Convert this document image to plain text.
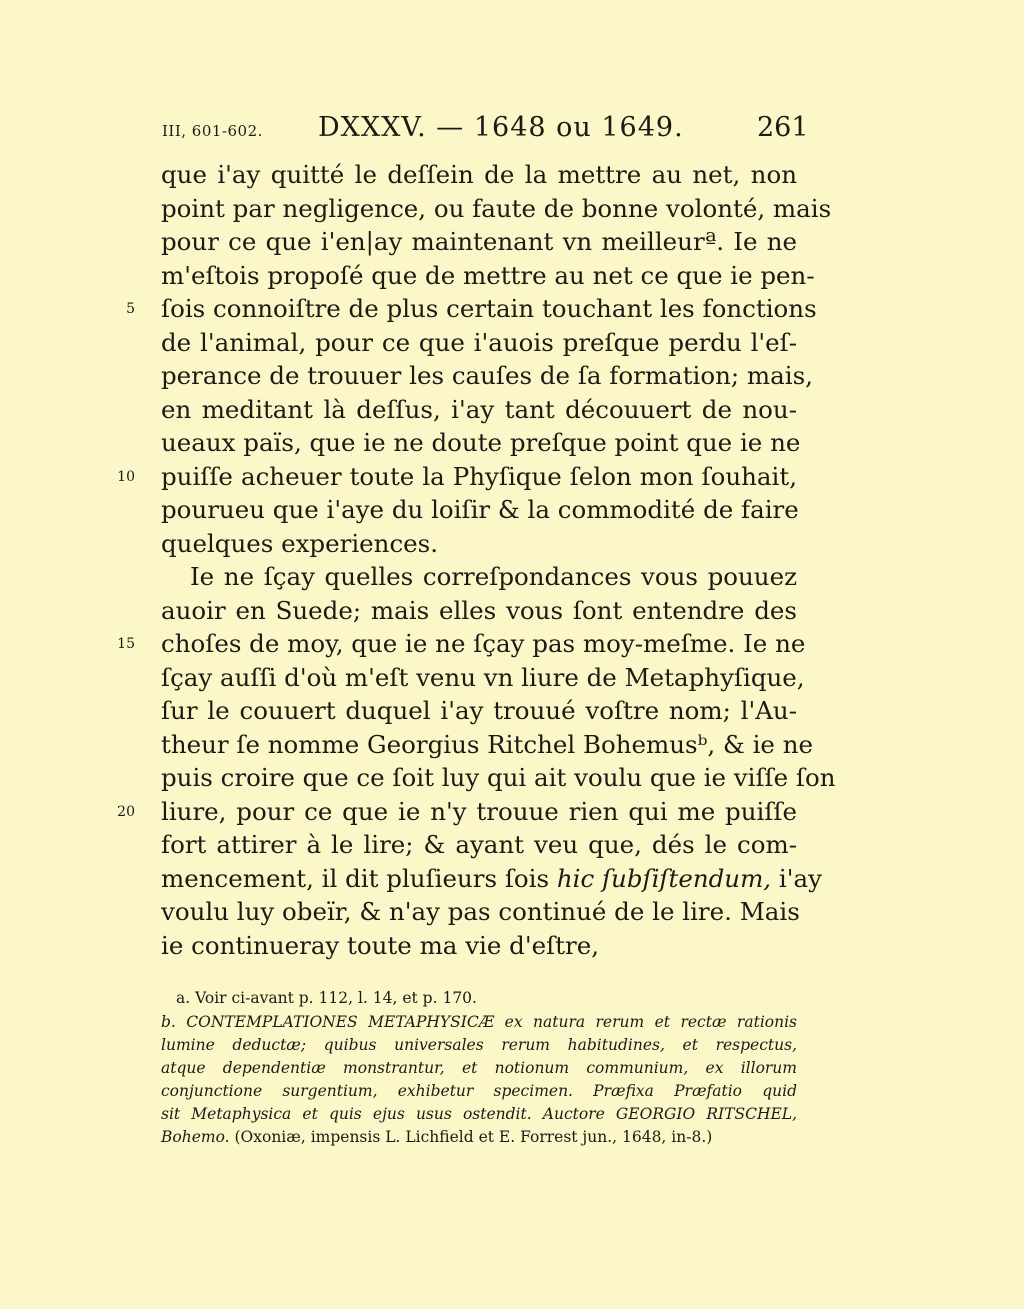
III, 601-602. DXXXV. — 1648 ou 1649.	261
que i'ay quitté le deſſein de la mettre au net, non
point par negligence, ou faute de bonne volonté, mais
pour ce que i'en|ay maintenant vn meilleurª. Ie ne
m'eſtois propoſé que de mettre au net ce que ie pen-
ſois connoiſtre de plus certain touchant les fonctions
de l'animal, pour ce que i'auois preſque perdu l'eſ-
perance de trouuer les cauſes de ſa formation; mais,
en meditant là deſſus, i'ay tant découuert de nou-
ueaux païs, que ie ne doute preſque point que ie ne
puiſſe acheuer toute la Phyſique ſelon mon ſouhait,
pourueu que i'aye du loiſir & la commodité de faire
quelques experiences.
Ie ne ſçay quelles correſpondances vous pouuez
auoir en Suede; mais elles vous ſont entendre des
choſes de moy, que ie ne ſçay pas moy-meſme. Ie ne
ſçay auſſi d'où m'eſt venu vn liure de Metaphyſique,
ſur le couuert duquel i'ay trouué voſtre nom; l'Au-
theur ſe nomme Georgius Ritchel Bohemusᵇ, & ie ne
puis croire que ce ſoit luy qui ait voulu que ie viſſe ſon
liure, pour ce que ie n'y trouue rien qui me puiſſe
fort attirer à le lire; & ayant veu que, dés le com-
mencement, il dit pluſieurs ſois hic ſubſiſtendum, i'ay
voulu luy obeïr, & n'ay pas continué de le lire. Mais
ie continueray toute ma vie d'eſtre,
5
10
15
20
a. Voir ci-avant p. 112, l. 14, et p. 170.
b. CONTEMPLATIONES METAPHYSICÆ ex natura rerum et rectæ rationis
lumine deductæ; quibus universales rerum habitudines, et respectus,
atque dependentiæ monstrantur, et notionum communium, ex illorum
conjunctione surgentium, exhibetur specimen. Præfixa Præfatio quid
sit Metaphysica et quis ejus usus ostendit. Auctore GEORGIO RITSCHEL,
Bohemo. (Oxoniæ, impensis L. Lichfield et E. Forrest jun., 1648, in-8.)
